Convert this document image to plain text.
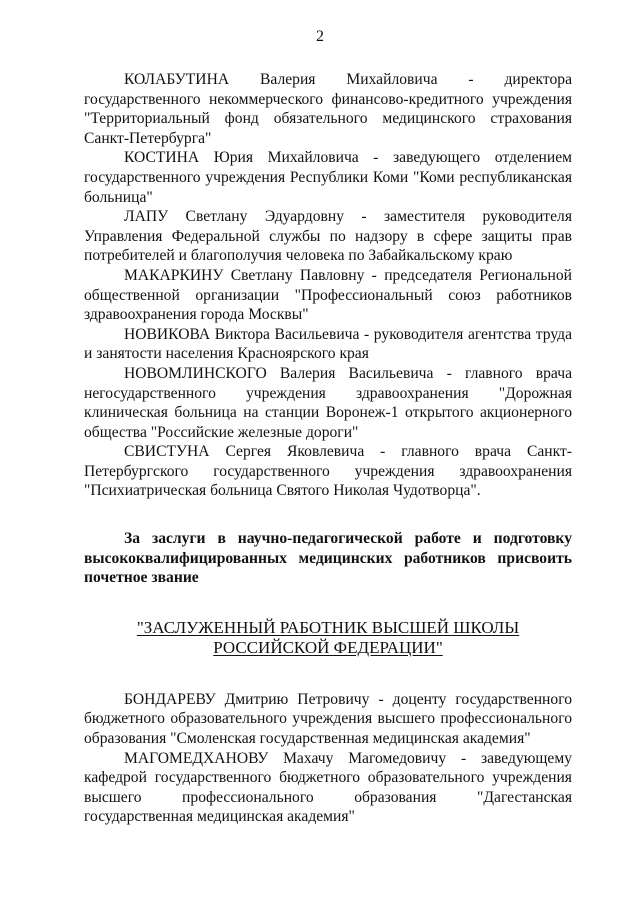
2

КОЛАБУТИНА Валерия Михайловича - директора государственного некоммерческого финансово-кредитного учреждения "Территориальный фонд обязательного медицинского страхования Санкт-Петербурга"

КОСТИНА Юрия Михайловича - заведующего отделением государственного учреждения Республики Коми "Коми республиканская больница"

ЛАПУ Светлану Эдуардовну - заместителя руководителя Управления Федеральной службы по надзору в сфере защиты прав потребителей и благополучия человека по Забайкальскому краю

МАКАРКИНУ Светлану Павловну - председателя Региональной общественной организации "Профессиональный союз работников здравоохранения города Москвы"

НОВИКОВА Виктора Васильевича - руководителя агентства труда и занятости населения Красноярского края

НОВОМЛИНСКОГО Валерия Васильевича - главного врача негосударственного учреждения здравоохранения "Дорожная клиническая больница на станции Воронеж-1 открытого акционерного общества "Российские железные дороги"

СВИСТУНА Сергея Яковлевича - главного врача Санкт-Петербургского государственного учреждения здравоохранения "Психиатрическая больница Святого Николая Чудотворца".

За заслуги в научно-педагогической работе и подготовку высококвалифицированных медицинских работников присвоить почетное звание

"ЗАСЛУЖЕННЫЙ РАБОТНИК ВЫСШЕЙ ШКОЛЫ
РОССИЙСКОЙ ФЕДЕРАЦИИ"

БОНДАРЕВУ Дмитрию Петровичу - доценту государственного бюджетного образовательного учреждения высшего профессионального образования "Смоленская государственная медицинская академия"

МАГОМЕДХАНОВУ Махачу Магомедовичу - заведующему кафедрой государственного бюджетного образовательного учреждения высшего профессионального образования "Дагестанская государственная медицинская академия"
